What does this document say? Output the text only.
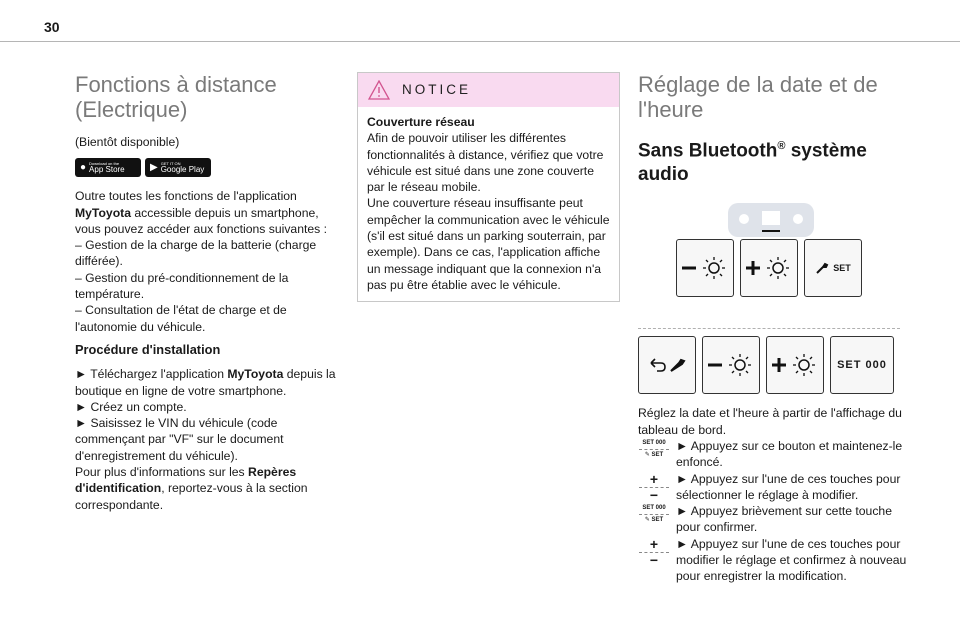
30
Fonctions à distance
(Electrique)

(Bientôt disponible)

● Download on the
App Store	▶ GET IT ON
Google Play

Outre toutes les fonctions de l'application MyToyota accessible depuis un smartphone, vous pouvez accéder aux fonctions suivantes :

– Gestion de la charge de la batterie (charge différée).

– Gestion du pré-conditionnement de la température.

– Consultation de l'état de charge et de l'autonomie du véhicule.

Procédure d'installation

► Téléchargez l'application MyToyota depuis la boutique en ligne de votre smartphone.

► Créez un compte.

► Saisissez le VIN du véhicule (code commençant par "VF" sur le document d'enregistrement du véhicule).

Pour plus d'informations sur les Repères d'identification, reportez-vous à la section correspondante.

NOTICE

Couverture réseau

Afin de pouvoir utiliser les différentes fonctionnalités à distance, vérifiez que votre véhicule est situé dans une zone couverte par le réseau mobile.
Une couverture réseau insuffisante peut empêcher la communication avec le véhicule (s'il est situé dans un parking souterrain, par exemple). Dans ce cas, l'application affiche un message indiquant que la connexion n'a pas pu être établie avec le véhicule.

Réglage de la date et de
l'heure
Sans Bluetooth® système audio
SET
SET 000

Réglez la date et l'heure à partir de l'affichage du tableau de bord.

SET 000
✎ SET

► Appuyez sur ce bouton et maintenez-le enfoncé.

+
−

► Appuyez sur l'une de ces touches pour sélectionner le réglage à modifier.

SET 000
✎ SET

► Appuyez brièvement sur cette touche pour confirmer.

+
−

► Appuyez sur l'une de ces touches pour modifier le réglage et confirmez à nouveau pour enregistrer la modification.
